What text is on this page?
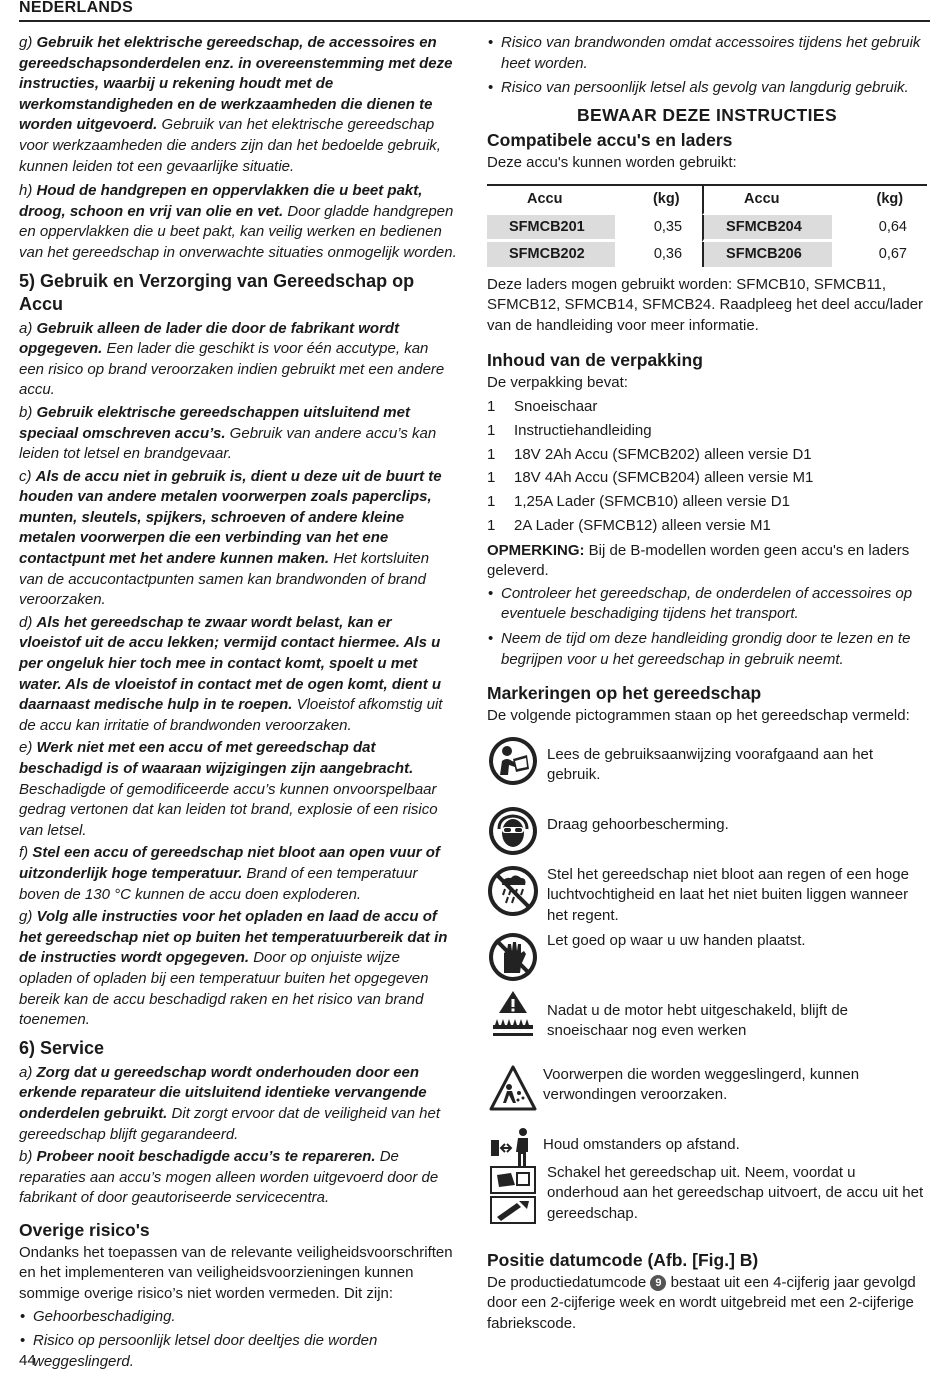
NEDERLANDS

g) Gebruik het elektrische gereedschap, de accessoires en gereedschapsonderdelen enz. in overeenstemming met deze instructies, waarbij u rekening houdt met de werkomstandigheden en de werkzaamheden die dienen te worden uitgevoerd. Gebruik van het elektrische gereedschap voor werkzaamheden die anders zijn dan het bedoelde gebruik, kunnen leiden tot een gevaarlijke situatie.

h) Houd de handgrepen en oppervlakken die u beet pakt, droog, schoon en vrij van olie en vet. Door gladde handgrepen en oppervlakken die u beet pakt, kan veilig werken en bedienen van het gereedschap in onverwachte situaties onmogelijk worden.

5) Gebruik en Verzorging van Gereedschap op Accu

a) Gebruik alleen de lader die door de fabrikant wordt opgegeven. Een lader die geschikt is voor één accutype, kan een risico op brand veroorzaken indien gebruikt met een andere accu.

b) Gebruik elektrische gereedschappen uitsluitend met speciaal omschreven accu’s. Gebruik van andere accu’s kan leiden tot letsel en brandgevaar.

c) Als de accu niet in gebruik is, dient u deze uit de buurt te houden van andere metalen voorwerpen zoals paperclips, munten, sleutels, spijkers, schroeven of andere kleine metalen voorwerpen die een verbinding van het ene contactpunt met het andere kunnen maken. Het kortsluiten van de accucontactpunten samen kan brandwonden of brand veroorzaken.

d) Als het gereedschap te zwaar wordt belast, kan er vloeistof uit de accu lekken; vermijd contact hiermee. Als u per ongeluk hier toch mee in contact komt, spoelt u met water. Als de vloeistof in contact met de ogen komt, dient u daarnaast medische hulp in te roepen. Vloeistof afkomstig uit de accu kan irritatie of brandwonden veroorzaken.

e) Werk niet met een accu of met gereedschap dat beschadigd is of waaraan wijzigingen zijn aangebracht. Beschadigde of gemodificeerde accu’s kunnen onvoorspelbaar gedrag vertonen dat kan leiden tot brand, explosie of een risico van letsel.

f) Stel een accu of gereedschap niet bloot aan open vuur of uitzonderlijk hoge temperatuur. Brand of een temperatuur boven de 130 °C kunnen de accu doen exploderen.

g) Volg alle instructies voor het opladen en laad de accu of het gereedschap niet op buiten het temperatuurbereik dat in de instructies wordt opgegeven. Door op onjuiste wijze opladen of opladen bij een temperatuur buiten het opgegeven bereik kan de accu beschadigd raken en het risico van brand toenemen.

6) Service

a) Zorg dat u gereedschap wordt onderhouden door een erkende reparateur die uitsluitend identieke vervangende onderdelen gebruikt. Dit zorgt ervoor dat de veiligheid van het gereedschap blijft gegarandeerd.

b) Probeer nooit beschadigde accu’s te repareren. De reparaties aan accu’s mogen alleen worden uitgevoerd door de fabrikant of door geautoriseerde servicecentra.

Overige risico's

Ondanks het toepassen van de relevante veiligheidsvoorschriften en het implementeren van veiligheidsvoorzieningen kunnen sommige overige risico’s niet worden vermeden. Dit zijn:

• Gehoorbeschadiging.
• Risico op persoonlijk letsel door deeltjes die worden weggeslingerd.
• Risico van brandwonden omdat accessoires tijdens het gebruik heet worden.
• Risico van persoonlijk letsel als gevolg van langdurig gebruik.
BEWAAR DEZE INSTRUCTIES
Compatibele accu's en laders

Deze accu's kunnen worden gebruikt:

Accu	(kg)	Accu	(kg)
SFMCB201	0,35	SFMCB204	0,64
SFMCB202	0,36	SFMCB206	0,67

Deze laders mogen gebruikt worden: SFMCB10, SFMCB11, SFMCB12, SFMCB14, SFMCB24. Raadpleeg het deel accu/lader van de handleiding voor meer informatie.

Inhoud van de verpakking

De verpakking bevat:

1	Snoeischaar
1	Instructiehandleiding
1	18V 2Ah Accu (SFMCB202) alleen versie D1
1	18V 4Ah Accu (SFMCB204) alleen versie M1
1	1,25A Lader (SFMCB10) alleen versie D1
1	2A Lader (SFMCB12) alleen versie M1

OPMERKING: Bij de B-modellen worden geen accu's en laders geleverd.

• Controleer het gereedschap, de onderdelen of accessoires op eventuele beschadiging tijdens het transport.
• Neem de tijd om deze handleiding grondig door te lezen en te begrijpen voor u het gereedschap in gebruik neemt.
Markeringen op het gereedschap

De volgende pictogrammen staan op het gereedschap vermeld:

Lees de gebruiksaanwijzing voorafgaand aan het gebruik.
Draag gehoorbescherming.
Stel het gereedschap niet bloot aan regen of een hoge luchtvochtigheid en laat het niet buiten liggen wanneer het regent.
Let goed op waar u uw handen plaatst.
Nadat u de motor hebt uitgeschakeld, blijft de snoeischaar nog even werken
Voorwerpen die worden weggeslingerd, kunnen verwondingen veroorzaken.
Houd omstanders op afstand.
Schakel het gereedschap uit. Neem, voordat u onderhoud aan het gereedschap uitvoert, de accu uit het gereedschap.
Positie datumcode (Afb. [Fig.] B)

De productiedatumcode 9 bestaat uit een 4-cijferig jaar gevolgd door een 2-cijferige week en wordt uitgebreid met een 2-cijferige fabriekscode.

44
